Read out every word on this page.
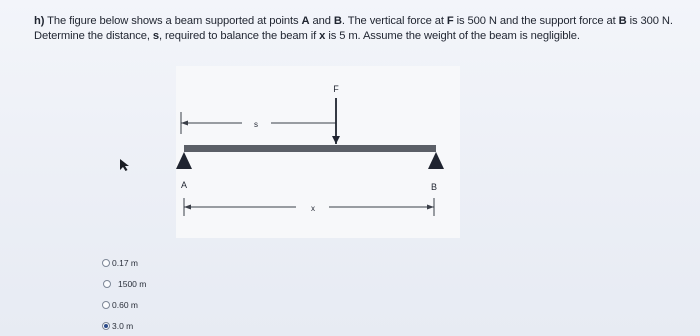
h) The figure below shows a beam supported at points A and B. The vertical force at F is 500 N and the support force at B is 300 N. Determine the distance, s, required to balance the beam if x is 5 m. Assume the weight of the beam is negligible.
s
F
A	B
x
0.17 m
1500 m
0.60 m
3.0 m
